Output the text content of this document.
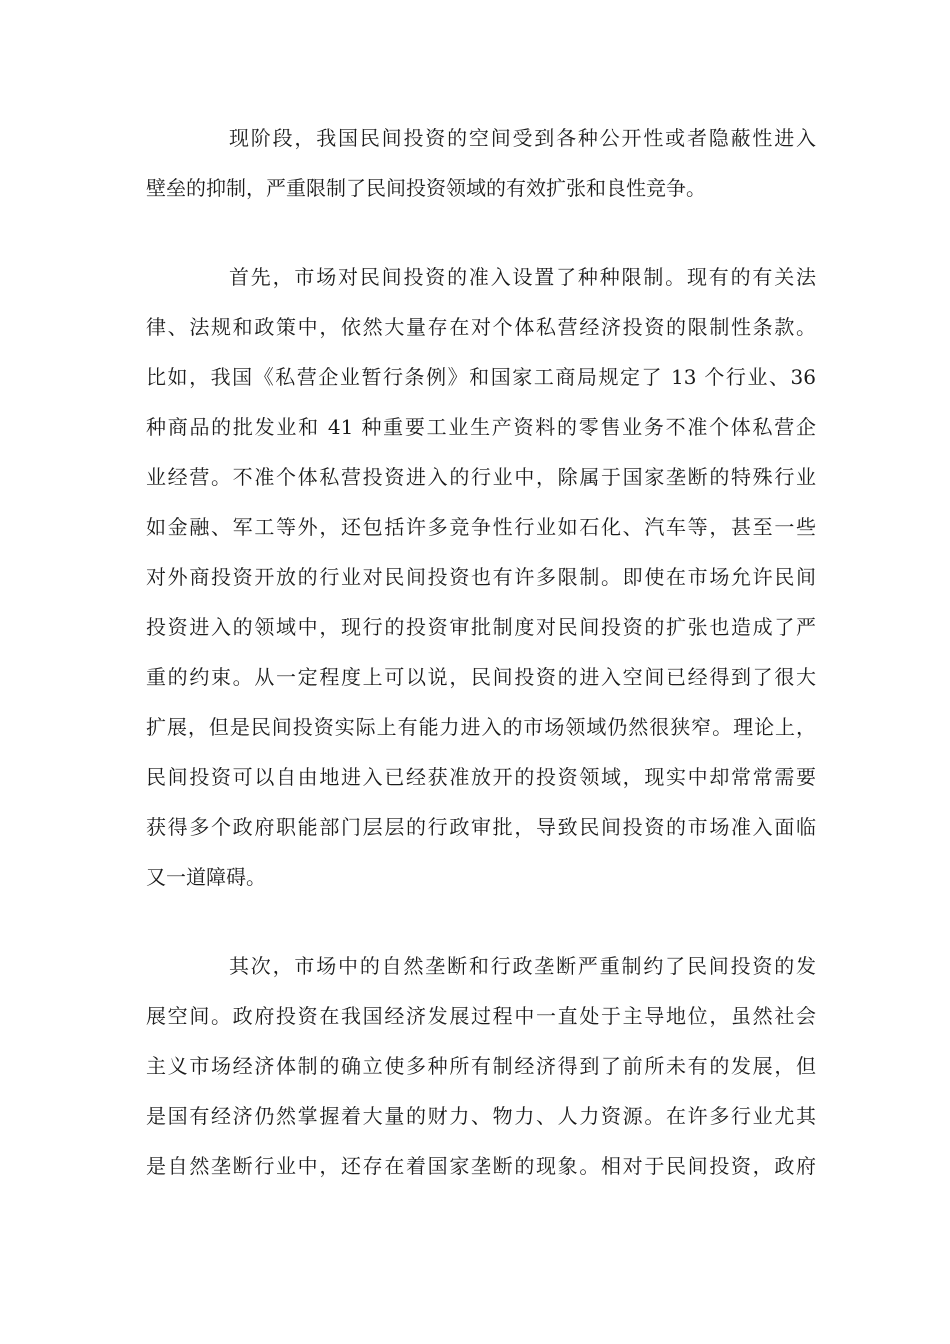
现阶段，我国民间投资的空间受到各种公开性或者隐蔽性进入
壁垒的抑制，严重限制了民间投资领域的有效扩张和良性竞争。
首先，市场对民间投资的准入设置了种种限制。现有的有关法
律、法规和政策中，依然大量存在对个体私营经济投资的限制性条款。
比如，我国《私营企业暂行条例》和国家工商局规定了 13 个行业、36
种商品的批发业和 41 种重要工业生产资料的零售业务不准个体私营企
业经营。不准个体私营投资进入的行业中，除属于国家垄断的特殊行业
如金融、军工等外，还包括许多竞争性行业如石化、汽车等，甚至一些
对外商投资开放的行业对民间投资也有许多限制。即使在市场允许民间
投资进入的领域中，现行的投资审批制度对民间投资的扩张也造成了严
重的约束。从一定程度上可以说，民间投资的进入空间已经得到了很大
扩展，但是民间投资实际上有能力进入的市场领域仍然很狭窄。理论上，
民间投资可以自由地进入已经获准放开的投资领域，现实中却常常需要
获得多个政府职能部门层层的行政审批，导致民间投资的市场准入面临
又一道障碍。
其次，市场中的自然垄断和行政垄断严重制约了民间投资的发
展空间。政府投资在我国经济发展过程中一直处于主导地位，虽然社会
主义市场经济体制的确立使多种所有制经济得到了前所未有的发展，但
是国有经济仍然掌握着大量的财力、物力、人力资源。在许多行业尤其
是自然垄断行业中，还存在着国家垄断的现象。相对于民间投资，政府
